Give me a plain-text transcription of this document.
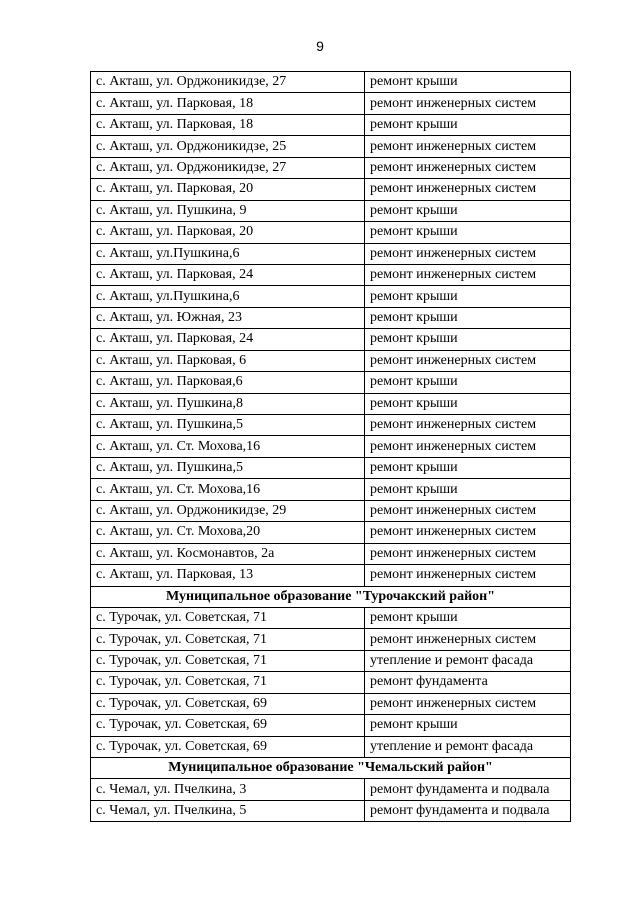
9
с. Акташ, ул. Орджоникидзе, 27	ремонт крыши
с. Акташ, ул. Парковая, 18	ремонт инженерных систем
с. Акташ, ул. Парковая, 18	ремонт крыши
с. Акташ, ул. Орджоникидзе, 25	ремонт инженерных систем
с. Акташ, ул. Орджоникидзе, 27	ремонт инженерных систем
с. Акташ, ул. Парковая, 20	ремонт инженерных систем
с. Акташ, ул. Пушкина, 9	ремонт крыши
с. Акташ, ул. Парковая, 20	ремонт крыши
с. Акташ, ул.Пушкина,6	ремонт инженерных систем
с. Акташ, ул. Парковая, 24	ремонт инженерных систем
с. Акташ, ул.Пушкина,6	ремонт крыши
с. Акташ, ул. Южная, 23	ремонт крыши
с. Акташ, ул. Парковая, 24	ремонт крыши
с. Акташ, ул. Парковая, 6	ремонт инженерных систем
с. Акташ, ул. Парковая,6	ремонт крыши
с. Акташ, ул. Пушкина,8	ремонт крыши
с. Акташ, ул. Пушкина,5	ремонт инженерных систем
с. Акташ, ул. Ст. Мохова,16	ремонт инженерных систем
с. Акташ, ул. Пушкина,5	ремонт крыши
с. Акташ, ул. Ст. Мохова,16	ремонт крыши
с. Акташ, ул. Орджоникидзе, 29	ремонт инженерных систем
с. Акташ, ул. Ст. Мохова,20	ремонт инженерных систем
с. Акташ, ул. Космонавтов, 2а	ремонт инженерных систем
с. Акташ, ул. Парковая, 13	ремонт инженерных систем
Муниципальное образование "Турочакский район"	
с. Турочак, ул. Советская, 71	ремонт крыши
с. Турочак, ул. Советская, 71	ремонт инженерных систем
с. Турочак, ул. Советская, 71	утепление и ремонт фасада
с. Турочак, ул. Советская, 71	ремонт фундамента
с. Турочак, ул. Советская, 69	ремонт инженерных систем
с. Турочак, ул. Советская, 69	ремонт крыши
с. Турочак, ул. Советская, 69	утепление и ремонт фасада
Муниципальное образование "Чемальский район"	
с. Чемал, ул. Пчелкина, 3	ремонт фундамента и подвала
с. Чемал, ул. Пчелкина, 5	ремонт фундамента и подвала
